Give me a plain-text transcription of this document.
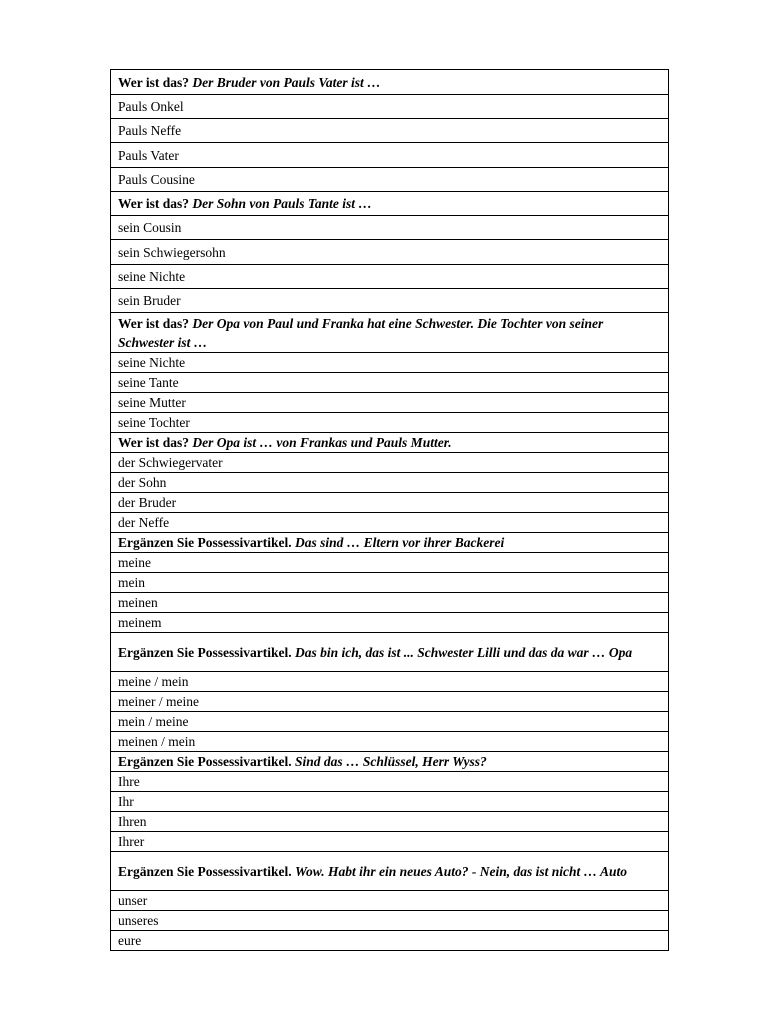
Wer ist das? Der Bruder von Pauls Vater ist …
Pauls Onkel
Pauls Neffe
Pauls Vater
Pauls Cousine
Wer ist das? Der Sohn von Pauls Tante ist …
sein Cousin
sein Schwiegersohn
seine Nichte
sein Bruder
Wer ist das? Der Opa von Paul und Franka hat eine Schwester. Die Tochter von seiner Schwester ist …
seine Nichte
seine Tante
seine Mutter
seine Tochter
Wer ist das? Der Opa ist … von Frankas und Pauls Mutter.
der Schwiegervater
der Sohn
der Bruder
der Neffe
Ergänzen Sie Possessivartikel. Das sind … Eltern vor ihrer Backerei
meine
mein
meinen
meinem
Ergänzen Sie Possessivartikel. Das bin ich, das ist ... Schwester Lilli und das da war … Opa
meine / mein
meiner / meine
mein / meine
meinen / mein
Ergänzen Sie Possessivartikel. Sind das … Schlüssel, Herr Wyss?
Ihre
Ihr
Ihren
Ihrer
Ergänzen Sie Possessivartikel. Wow. Habt ihr ein neues Auto? - Nein, das ist nicht … Auto
unser
unseres
eure
